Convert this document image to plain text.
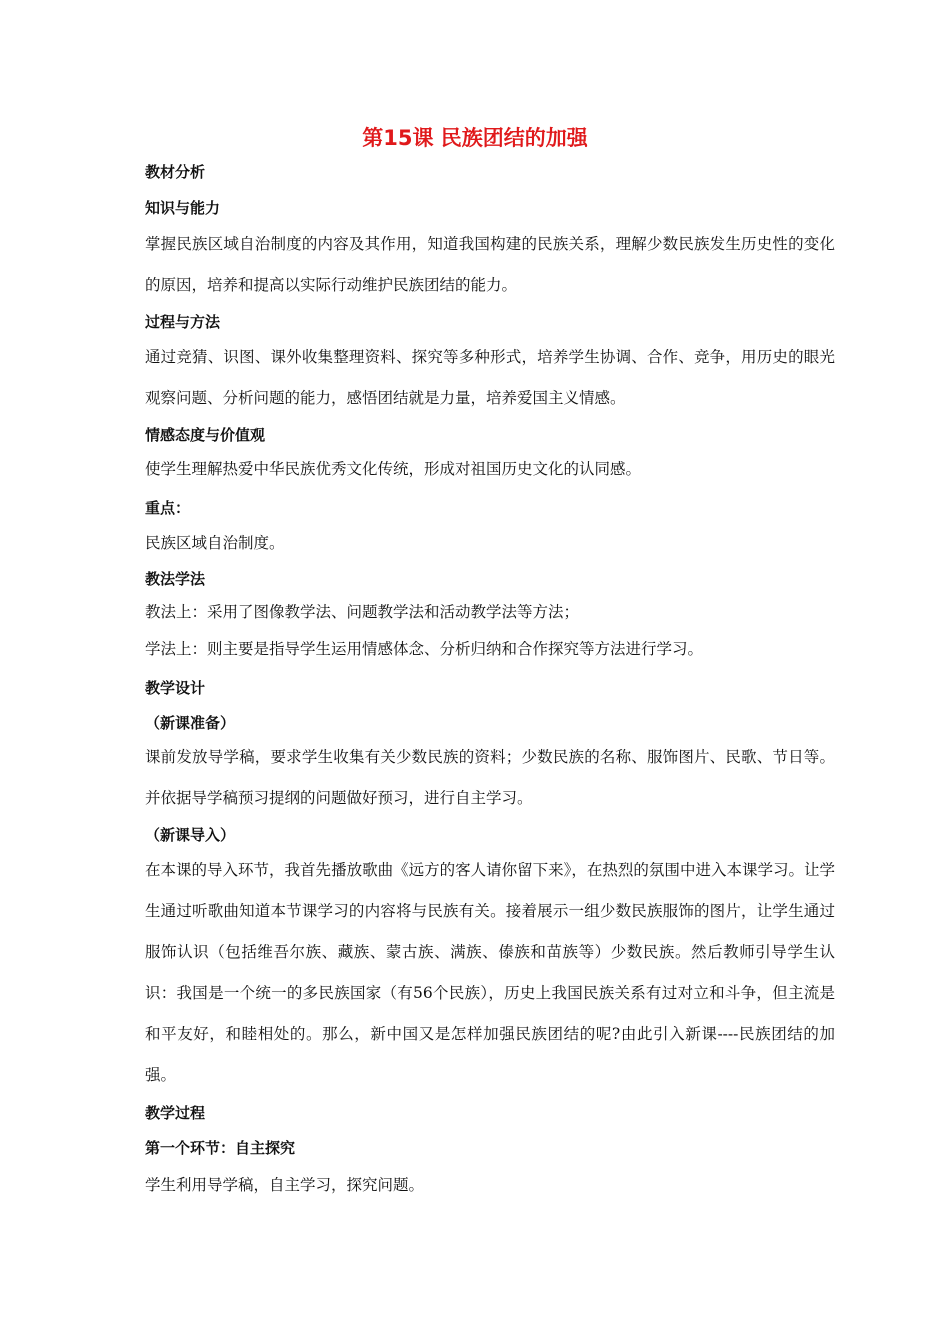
第15课 民族团结的加强
教材分析
知识与能力
掌握民族区域自治制度的内容及其作用，知道我国构建的民族关系，理解少数民族发生历史性的变化的原因，培养和提高以实际行动维护民族团结的能力。
过程与方法
通过竞猜、识图、课外收集整理资料、探究等多种形式，培养学生协调、合作、竞争，用历史的眼光观察问题、分析问题的能力，感悟团结就是力量，培养爱国主义情感。
情感态度与价值观
使学生理解热爱中华民族优秀文化传统，形成对祖国历史文化的认同感。
重点：
民族区域自治制度。
教法学法
教法上：采用了图像教学法、问题教学法和活动教学法等方法；
学法上：则主要是指导学生运用情感体念、分析归纳和合作探究等方法进行学习。
教学设计
（新课准备）
课前发放导学稿，要求学生收集有关少数民族的资料；少数民族的名称、服饰图片、民歌、节日等。并依据导学稿预习提纲的问题做好预习，进行自主学习。
（新课导入）
在本课的导入环节，我首先播放歌曲《远方的客人请你留下来》，在热烈的氛围中进入本课学习。让学生通过听歌曲知道本节课学习的内容将与民族有关。接着展示一组少数民族服饰的图片，让学生通过服饰认识（包括维吾尔族、藏族、蒙古族、满族、傣族和苗族等）少数民族。然后教师引导学生认识：我国是一个统一的多民族国家（有56个民族），历史上我国民族关系有过对立和斗争，但主流是和平友好，和睦相处的。那么，新中国又是怎样加强民族团结的呢?由此引入新课----民族团结的加强。
教学过程
第一个环节：自主探究
学生利用导学稿，自主学习，探究问题。
